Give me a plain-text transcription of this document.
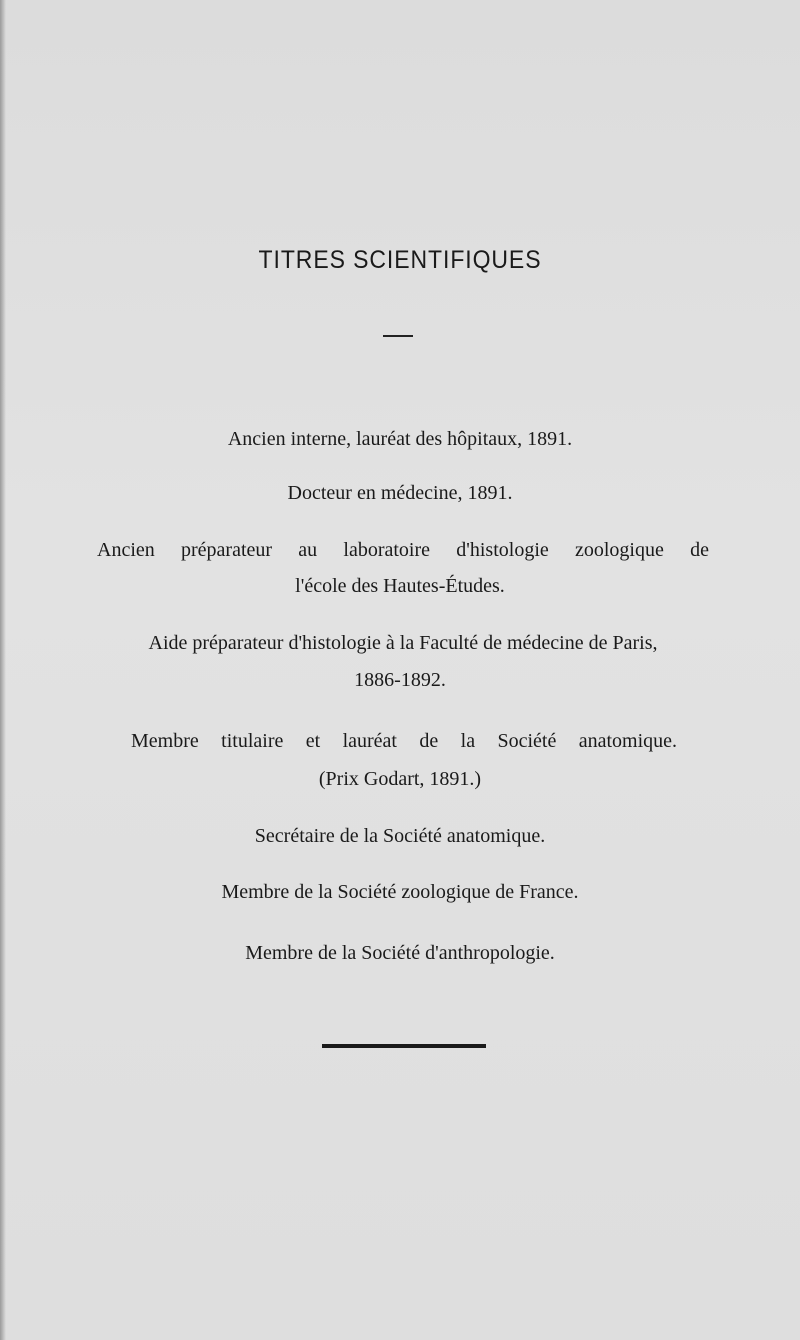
TITRES SCIENTIFIQUES
Ancien interne, lauréat des hôpitaux, 1891.
Docteur en médecine, 1891.
Ancien préparateur au laboratoire d'histologie zoologique de
l'école des Hautes-Études.
Aide préparateur d'histologie à la Faculté de médecine de Paris,
1886-1892.
Membre titulaire et lauréat de la Société anatomique.
(Prix Godart, 1891.)
Secrétaire de la Société anatomique.
Membre de la Société zoologique de France.
Membre de la Société d'anthropologie.
